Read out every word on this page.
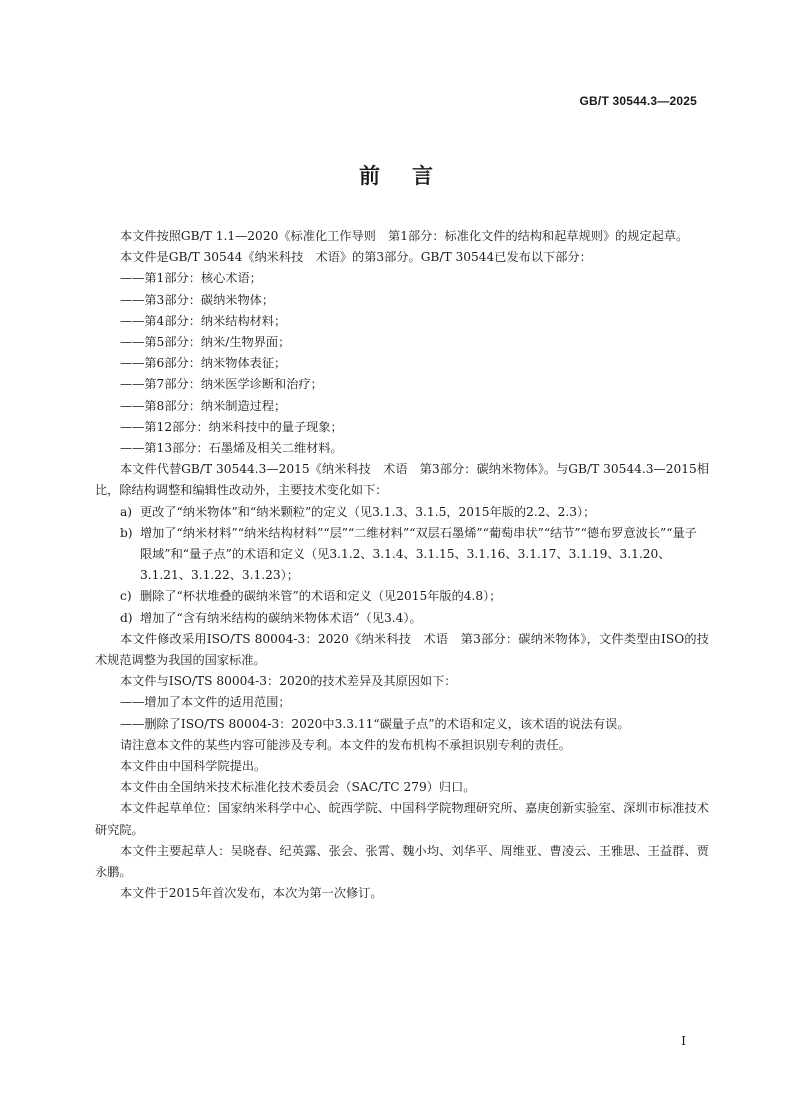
GB/T 30544.3—2025
前言

本文件按照GB/T 1.1—2020《标准化工作导则　第1部分：标准化文件的结构和起草规则》的规定起草。

本文件是GB/T 30544《纳米科技　术语》的第3部分。GB/T 30544已发布以下部分：

——第1部分：核心术语；

——第3部分：碳纳米物体；

——第4部分：纳米结构材料；

——第5部分：纳米/生物界面；

——第6部分：纳米物体表征；

——第7部分：纳米医学诊断和治疗；

——第8部分：纳米制造过程；

——第12部分：纳米科技中的量子现象；

——第13部分：石墨烯及相关二维材料。

本文件代替GB/T 30544.3—2015《纳米科技　术语　第3部分：碳纳米物体》。与GB/T 30544.3—2015相比，除结构调整和编辑性改动外，主要技术变化如下：

a) 更改了“纳米物体”和“纳米颗粒”的定义（见3.1.3、3.1.5，2015年版的2.2、2.3）；
b) 增加了“纳米材料”“纳米结构材料”“层”“二维材料”“双层石墨烯”“葡萄串状”“结节”“德布罗意波长”“量子限域”和“量子点”的术语和定义（见3.1.2、3.1.4、3.1.15、3.1.16、3.1.17、3.1.19、3.1.20、3.1.21、3.1.22、3.1.23）；
c) 删除了“杯状堆叠的碳纳米管”的术语和定义（见2015年版的4.8）；
d) 增加了“含有纳米结构的碳纳米物体术语”（见3.4）。

本文件修改采用ISO/TS 80004-3：2020《纳米科技　术语　第3部分：碳纳米物体》，文件类型由ISO的技术规范调整为我国的国家标准。

本文件与ISO/TS 80004-3：2020的技术差异及其原因如下：

——增加了本文件的适用范围；

——删除了ISO/TS 80004-3：2020中3.3.11“碳量子点”的术语和定义，该术语的说法有误。

请注意本文件的某些内容可能涉及专利。本文件的发布机构不承担识别专利的责任。

本文件由中国科学院提出。

本文件由全国纳米技术标准化技术委员会（SAC/TC 279）归口。

本文件起草单位：国家纳米科学中心、皖西学院、中国科学院物理研究所、嘉庚创新实验室、深圳市标准技术研究院。

本文件主要起草人：吴晓春、纪英露、张会、张霄、魏小均、刘华平、周维亚、曹凌云、王雅思、王益群、贾永鹏。

本文件于2015年首次发布，本次为第一次修订。

I
